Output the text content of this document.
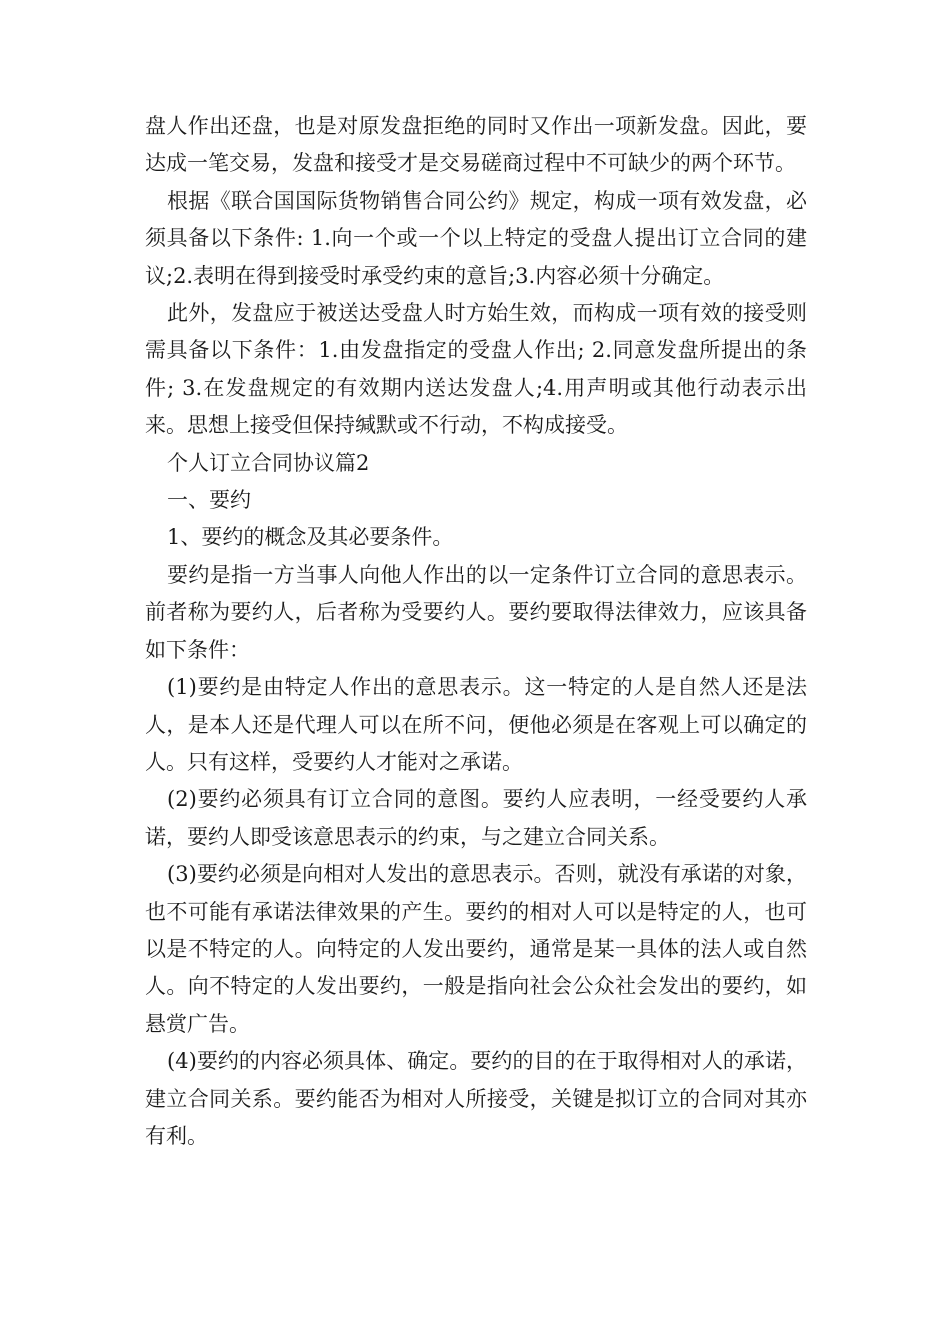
盘人作出还盘，也是对原发盘拒绝的同时又作出一项新发盘。因此，要达成一笔交易，发盘和接受才是交易磋商过程中不可缺少的两个环节。

根据《联合国国际货物销售合同公约》规定，构成一项有效发盘，必须具备以下条件: 1.向一个或一个以上特定的受盘人提出订立合同的建议;2.表明在得到接受时承受约束的意旨;3.内容必须十分确定。

此外，发盘应于被送达受盘人时方始生效，而构成一项有效的接受则需具备以下条件：1.由发盘指定的受盘人作出; 2.同意发盘所提出的条件; 3.在发盘规定的有效期内送达发盘人;4.用声明或其他行动表示出来。思想上接受但保持缄默或不行动，不构成接受。

个人订立合同协议篇2

一、要约

1、要约的概念及其必要条件。

要约是指一方当事人向他人作出的以一定条件订立合同的意思表示。前者称为要约人，后者称为受要约人。要约要取得法律效力，应该具备如下条件：

(1)要约是由特定人作出的意思表示。这一特定的人是自然人还是法人，是本人还是代理人可以在所不问，便他必须是在客观上可以确定的人。只有这样，受要约人才能对之承诺。

(2)要约必须具有订立合同的意图。要约人应表明，一经受要约人承诺，要约人即受该意思表示的约束，与之建立合同关系。

(3)要约必须是向相对人发出的意思表示。否则，就没有承诺的对象，也不可能有承诺法律效果的产生。要约的相对人可以是特定的人，也可以是不特定的人。向特定的人发出要约，通常是某一具体的法人或自然人。向不特定的人发出要约，一般是指向社会公众社会发出的要约，如悬赏广告。

(4)要约的内容必须具体、确定。要约的目的在于取得相对人的承诺，建立合同关系。要约能否为相对人所接受，关键是拟订立的合同对其亦有利。
